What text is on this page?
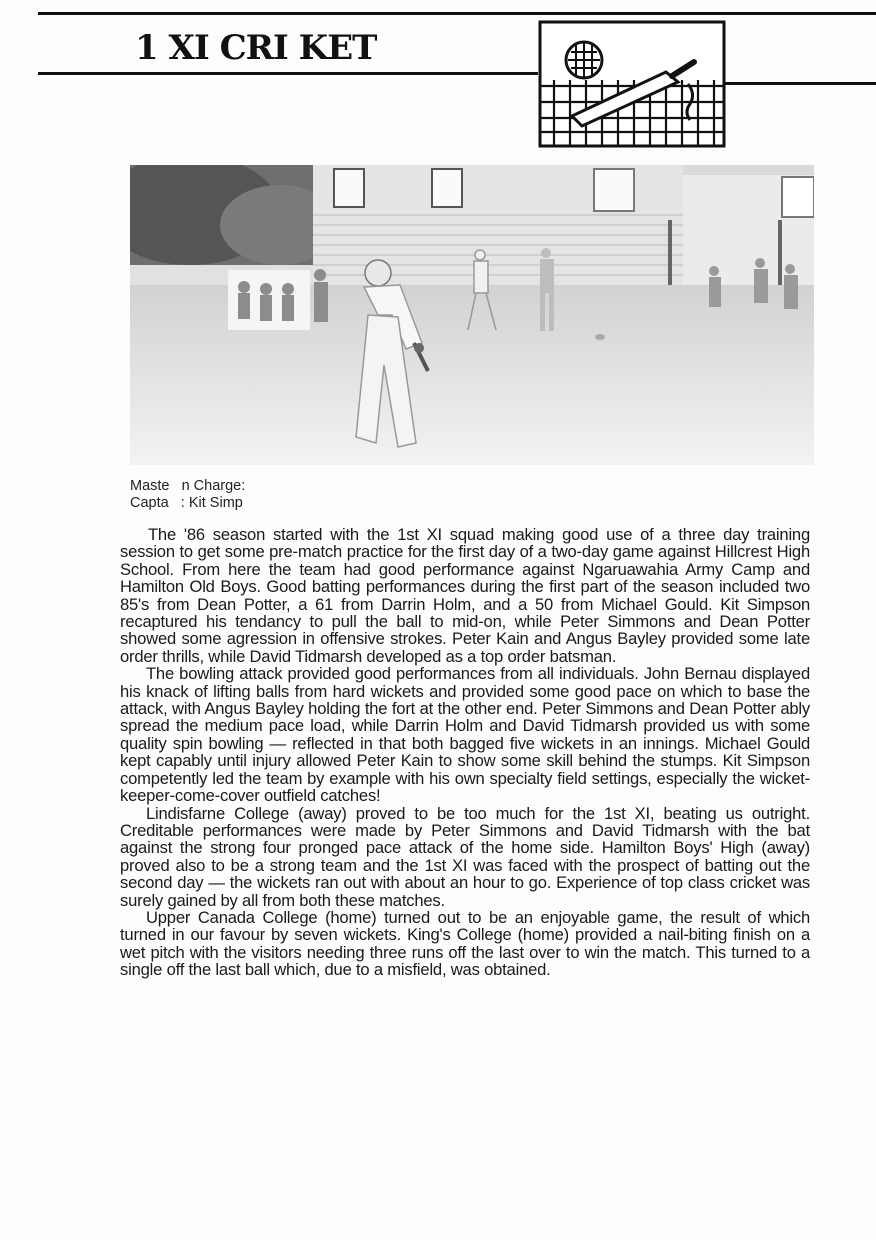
1 XI CRI KET
Maste n Charge:
Capta : Kit Simp

The '86 season started with the 1st XI squad making good use of a three day training session to get some pre-match practice for the first day of a two-day game against Hillcrest High School. From here the team had good performance against Ngaruawahia Army Camp and Hamilton Old Boys. Good batting performances during the first part of the season included two 85's from Dean Potter, a 61 from Darrin Holm, and a 50 from Michael Gould. Kit Simpson recaptured his tendancy to pull the ball to mid-on, while Peter Simmons and Dean Potter showed some agression in offensive strokes. Peter Kain and Angus Bayley provided some late order thrills, while David Tidmarsh developed as a top order batsman.

The bowling attack provided good performances from all individuals. John Bernau displayed his knack of lifting balls from hard wickets and provided some good pace on which to base the attack, with Angus Bayley holding the fort at the other end. Peter Simmons and Dean Potter ably spread the medium pace load, while Darrin Holm and David Tidmarsh provided us with some quality spin bowling — reflected in that both bagged five wickets in an innings. Michael Gould kept capably until injury allowed Peter Kain to show some skill behind the stumps. Kit Simpson competently led the team by example with his own specialty field settings, especially the wicket-keeper-come-cover outfield catches!

Lindisfarne College (away) proved to be too much for the 1st XI, beating us outright. Creditable performances were made by Peter Simmons and David Tidmarsh with the bat against the strong four pronged pace attack of the home side. Hamilton Boys' High (away) proved also to be a strong team and the 1st XI was faced with the prospect of batting out the second day — the wickets ran out with about an hour to go. Experience of top class cricket was surely gained by all from both these matches.

Upper Canada College (home) turned out to be an enjoyable game, the result of which turned in our favour by seven wickets. King's College (home) provided a nail-biting finish on a wet pitch with the visitors needing three runs off the last over to win the match. This turned to a single off the last ball which, due to a misfield, was obtained.
